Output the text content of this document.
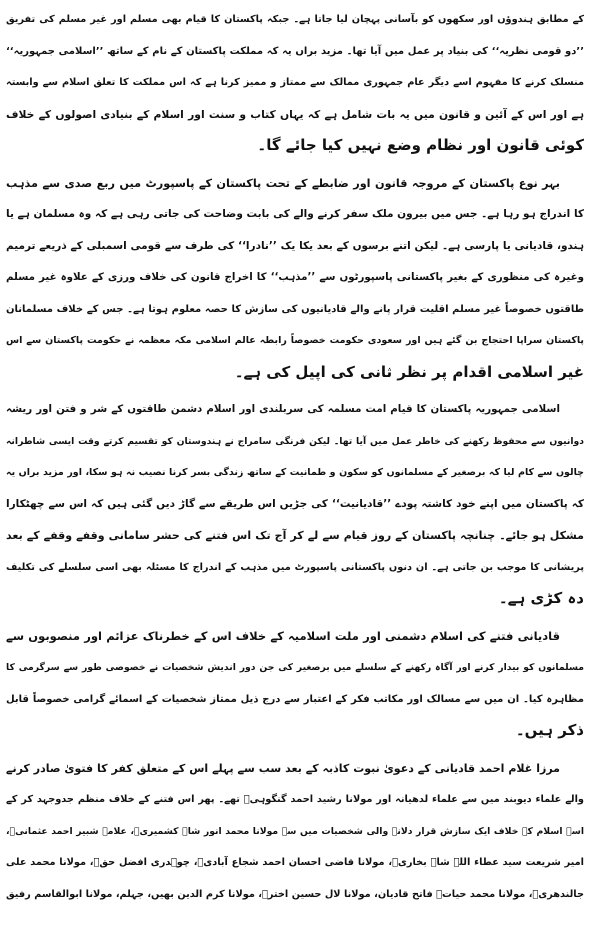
کے مطابق ہندوؤں اور سکھوں کو بآسانی پہچان لیا جاتا ہے۔ جبکہ پاکستان کا قیام بھی مسلم اور غیر مسلم کی تفریق
’’دو قومی نظریہ‘‘ کی بنیاد پر عمل میں آیا تھا۔ مزید براں یہ کہ مملکت پاکستان کے نام کے ساتھ ’’اسلامی جمہوریہ‘‘
منسلک کرنے کا مفہوم اسے دیگر عام جمہوری ممالک سے ممتاز و ممیز کرنا ہے کہ اس مملکت کا تعلق اسلام سے وابستہ
ہے اور اس کے آئین و قانون میں یہ بات شامل ہے کہ یہاں کتاب و سنت اور اسلام کے بنیادی اصولوں کے خلاف
کوئی قانون اور نظام وضع نہیں کیا جائے گا۔
بہر نوع پاکستان کے مروجہ قانون اور ضابطے کے تحت پاکستان کے پاسپورٹ میں ربع صدی سے مذہب
کا اندراج ہو رہا ہے۔ جس میں بیرون ملک سفر کرنے والے کی بابت وضاحت کی جاتی رہی ہے کہ وہ مسلمان ہے یا
ہندو، قادیانی یا پارسی ہے۔ لیکن اتنے برسوں کے بعد یکا یک ’’نادرا‘‘ کی طرف سے قومی اسمبلی کے ذریعے ترمیم
وغیرہ کی منظوری کے بغیر پاکستانی پاسپورٹوں سے ’’مذہب‘‘ کا اخراج قانون کی خلاف ورزی کے علاوہ غیر مسلم
طاقتوں خصوصاً غیر مسلم اقلیت قرار پانے والے قادیانیوں کی سازش کا حصہ معلوم ہوتا ہے۔ جس کے خلاف مسلمانان
پاکستان سراپا احتجاج بن گئے ہیں اور سعودی حکومت خصوصاً رابطہ عالم اسلامی مکہ معظمہ نے حکومت پاکستان سے اس
غیر اسلامی اقدام پر نظر ثانی کی اپیل کی ہے۔
اسلامی جمہوریہ پاکستان کا قیام امت مسلمہ کی سربلندی اور اسلام دشمن طاقتوں کے شر و فتن اور ریشہ
دوانیوں سے محفوظ رکھنے کی خاطر عمل میں آیا تھا۔ لیکن فرنگی سامراج نے ہندوستان کو تقسیم کرتے وقت ایسی شاطرانہ
چالوں سے کام لیا کہ برصغیر کے مسلمانوں کو سکون و طمانیت کے ساتھ زندگی بسر کرنا نصیب نہ ہو سکا، اور مزید براں یہ
کہ پاکستان میں اپنے خود کاشتہ پودے ’’قادیانیت‘‘ کی جڑیں اس طریقے سے گاڑ دیں گئی ہیں کہ اس سے چھٹکارا
مشکل ہو جائے۔ چنانچہ پاکستان کے روز قیام سے لے کر آج تک اس فتنے کی حشر سامانی وقفے وقفے کے بعد
پریشانی کا موجب بن جاتی ہے۔ ان دنوں پاکستانی پاسپورٹ میں مذہب کے اندراج کا مسئلہ بھی اسی سلسلے کی تکلیف
دہ کڑی ہے۔
قادیانی فتنے کی اسلام دشمنی اور ملت اسلامیہ کے خلاف اس کے خطرناک عزائم اور منصوبوں سے
مسلمانوں کو بیدار کرنے اور آگاہ رکھنے کے سلسلے میں برصغیر کی جن دور اندیش شخصیات نے خصوصی طور سے سرگرمی کا
مظاہرہ کیا۔ ان میں سے مسالک اور مکاتب فکر کے اعتبار سے درج ذیل ممتاز شخصیات کے اسمائے گرامی خصوصاً قابل
ذکر ہیں۔
مرزا غلام احمد قادیانی کے دعویٰ نبوت کاذبہ کے بعد سب سے پہلے اس کے متعلق کفر کا فتویٰ صادر کرنے
والے علماء دیوبند میں سے علماء لدھیانہ اور مولانا رشید احمد گنگوہیؒ تھے۔ پھر اس فتنے کے خلاف منظم جدوجہد کر کے
اسے اسلام کے خلاف ایک سازش قرار دلانے والی شخصیات میں سے مولانا محمد انور شاہ کشمیریؒ، علامہ شبیر احمد عثمانیؒ،
امیر شریعت سید عطاء اللہ شاہ بخاریؒ، مولانا قاضی احسان احمد شجاع آبادیؒ، چوہدری افضل حقؒ، مولانا محمد علی
جالندھریؒ، مولانا محمد حیاتؒ فاتح قادیان، مولانا لال حسین اخترؒ، مولانا کرم الدین بھیں، جہلم، مولانا ابوالقاسم رفیق
